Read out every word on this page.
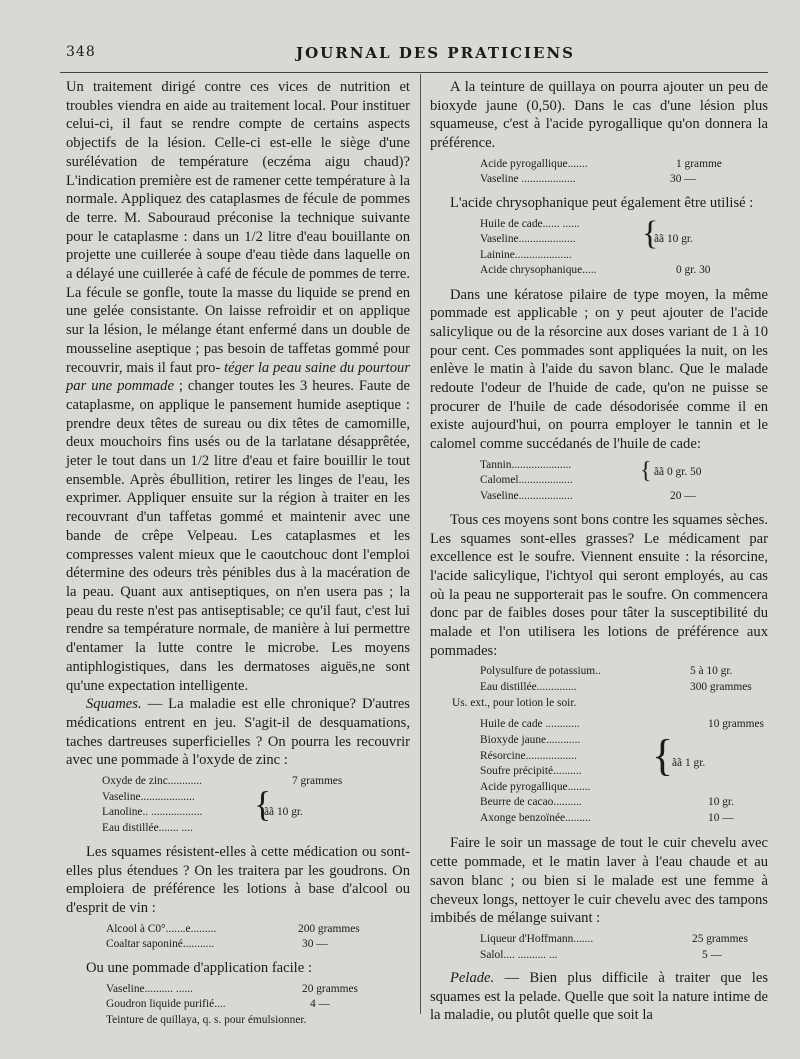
348	JOURNAL DES PRATICIENS

Un traitement dirigé contre ces vices de nutrition et troubles viendra en aide au traitement local. Pour instituer celui-ci, il faut se rendre compte de certains aspects objectifs de la lésion. Celle-ci est-elle le siège d'une surélévation de température (eczéma aigu chaud)? L'indication première est de ramener cette température à la normale. Appliquez des cataplasmes de fécule de pommes de terre. M. Sabouraud préconise la technique suivante pour le cataplasme : dans un 1/2 litre d'eau bouillante on projette une cuillerée à soupe d'eau tiède dans laquelle on a délayé une cuillerée à café de fécule de pommes de terre. La fécule se gonfle, toute la masse du liquide se prend en une gelée consistante. On laisse refroidir et on applique sur la lésion, le mélange étant enfermé dans un double de mousseline aseptique ; pas besoin de taffetas gommé pour recouvrir, mais il faut pro- téger la peau saine du pourtour par une pommade ; changer toutes les 3 heures. Faute de cataplasme, on applique le pansement humide aseptique : prendre deux têtes de sureau ou dix têtes de camomille, deux mouchoirs fins usés ou de la tarlatane désapprêtée, jeter le tout dans un 1/2 litre d'eau et faire bouillir le tout ensemble. Après ébullition, retirer les linges de l'eau, les exprimer. Appliquer ensuite sur la région à traiter en les recouvrant d'un taffetas gommé et maintenir avec une bande de crêpe Velpeau. Les cataplasmes et les compresses valent mieux que le caoutchouc dont l'emploi détermine des odeurs très pénibles dus à la macération de la peau. Quant aux antiseptiques, on n'en usera pas ; la peau du reste n'est pas antiseptisable; ce qu'il faut, c'est lui rendre sa température normale, de manière à lui permettre d'entamer la lutte contre le microbe. Les moyens antiphlogistiques, dans les dermatoses aiguës,ne sont qu'une expectation intelligente.

Squames. — La maladie est elle chronique? D'autres médications entrent en jeu. S'agit-il de desquamations, taches dartreuses superficielles ? On pourra les recouvrir avec une pommade à l'oxyde de zinc :

Oxyde de zinc............	7 grammes
Vaseline...................
Lanoline.. ..................	ãã 10 gr.
Eau distillée....... ....
{

Les squames résistent-elles à cette médication ou sont-elles plus étendues ? On les traitera par les goudrons. On emploiera de préférence les lotions à base d'alcool ou d'esprit de vin :

Alcool à C0°.......e.........	200 grammes
Coaltar saponiné...........	30 —

Ou une pommade d'application facile :

Vaseline.......... ......	20 grammes
Goudron liquide purifié....	4 —
Teinture de quillaya, q. s. pour émulsionner.

A la teinture de quillaya on pourra ajouter un peu de bioxyde jaune (0,50). Dans le cas d'une lésion plus squameuse, c'est à l'acide pyrogallique qu'on donnera la préférence.

Acide pyrogallique.......	1 gramme
Vaseline ...................	30 —

L'acide chrysophanique peut également être utilisé :

Huile de cade...... ......
Vaseline....................	ãã 10 gr.
Lainine....................
Acide chrysophanique.....	0 gr. 30
{

Dans une kératose pilaire de type moyen, la même pommade est applicable ; on y peut ajouter de l'acide salicylique ou de la résorcine aux doses variant de 1 à 10 pour cent. Ces pommades sont appliquées la nuit, on les enlève le matin à l'aide du savon blanc. Que le malade redoute l'odeur de l'huide de cade, qu'on ne puisse se procurer de l'huile de cade désodorisée comme il en existe aujourd'hui, on pourra employer le tannin et le calomel comme succédanés de l'huile de cade:

Tannin.....................
ãã 0 gr. 50
Calomel...................
Vaseline...................	20 —
{

Tous ces moyens sont bons contre les squames sèches. Les squames sont-elles grasses? Le médicament par excellence est le soufre. Viennent ensuite : la résorcine, l'acide salicylique, l'ichtyol qui seront employés, au cas où la peau ne supporterait pas le soufre. On commencera donc par de faibles doses pour tâter la susceptibilité du malade et l'on utilisera les lotions de préférence aux pommades:

Polysulfure de potassium..	5 à 10 gr.
Eau distillée..............	300 grammes
Us. ext., pour lotion le soir.
Huile de cade ............	10 grammes
Bioxyde jaune............
Résorcine..................
ãã 1 gr.
Soufre précipité..........
Acide pyrogallique........
Beurre de cacao..........	10 gr.
Axonge benzoïnée.........	10 —
{

Faire le soir un massage de tout le cuir chevelu avec cette pommade, et le matin laver à l'eau chaude et au savon blanc ; ou bien si le malade est une femme à cheveux longs, nettoyer le cuir chevelu avec des tampons imbibés de mélange suivant :

Liqueur d'Hoffmann.......	25 grammes
Salol.... .......... ...	5 —

Pelade. — Bien plus difficile à traiter que les squames est la pelade. Quelle que soit la nature intime de la maladie, ou plutôt quelle que soit la
